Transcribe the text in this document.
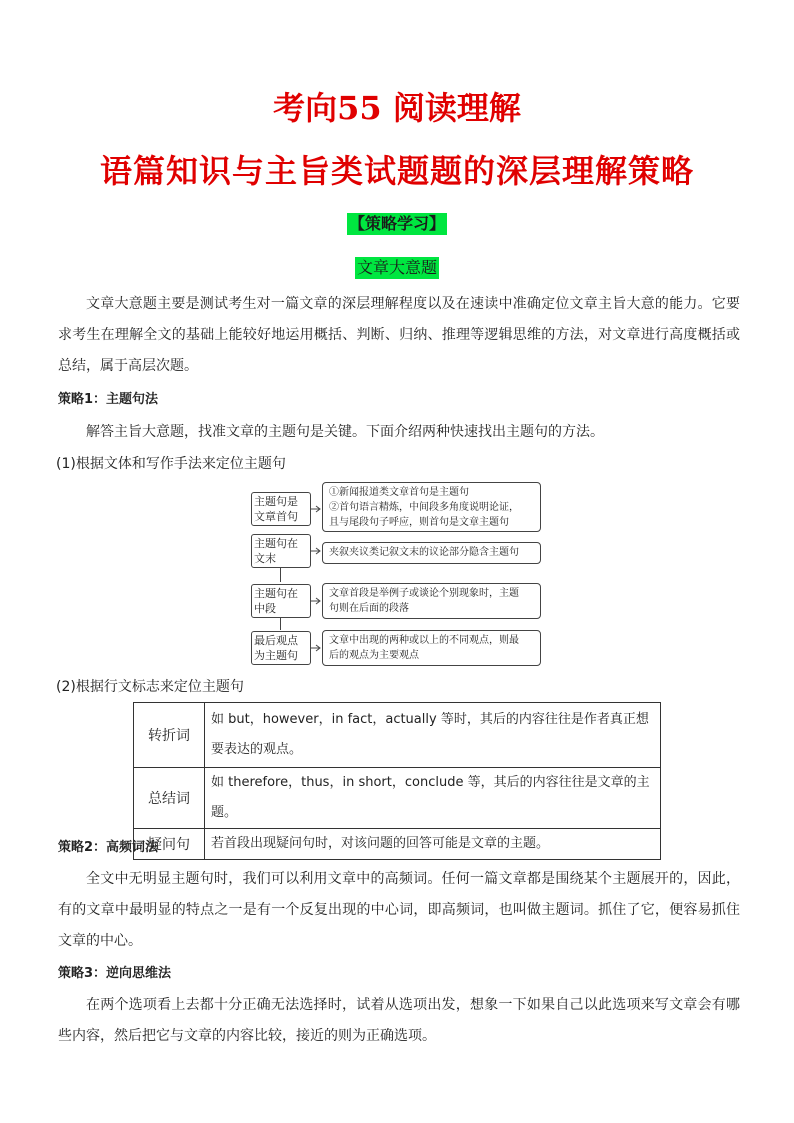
考向55 阅读理解
语篇知识与主旨类试题题的深层理解策略
【策略学习】
文章大意题

文章大意题主要是测试考生对一篇文章的深层理解程度以及在速读中准确定位文章主旨大意的能力。它要求考生在理解全文的基础上能较好地运用概括、判断、归纳、推理等逻辑思维的方法，对文章进行高度概括或总结，属于高层次题。

策略1：主题句法

解答主旨大意题，找准文章的主题句是关键。下面介绍两种快速找出主题句的方法。

(1)根据文体和写作手法来定位主题句

主题句是文章首句
①新闻报道类文章首句是主题句
②首句语言精炼，中间段多角度说明论证，
且与尾段句子呼应，则首句是文章主题句
主题句在文末	夹叙夹议类记叙文末的议论部分隐含主题句
主题句在中段
文章首段是举例子或谈论个别现象时，主题
句则在后面的段落
最后观点为主题句
文章中出现的两种或以上的不同观点，则最
后的观点为主要观点

(2)根据行文标志来定位主题句

转折词	如 but，however，in fact，actually 等时，其后的内容往往是作者真正想要表达的观点。
总结词	如 therefore，thus，in short，conclude 等，其后的内容往往是文章的主题。
疑问句	若首段出现疑问句时，对该问题的回答可能是文章的主题。

策略2：高频词法

全文中无明显主题句时，我们可以利用文章中的高频词。任何一篇文章都是围绕某个主题展开的，因此，有的文章中最明显的特点之一是有一个反复出现的中心词，即高频词，也叫做主题词。抓住了它，便容易抓住文章的中心。

策略3：逆向思维法

在两个选项看上去都十分正确无法选择时，试着从选项出发，想象一下如果自己以此选项来写文章会有哪些内容，然后把它与文章的内容比较，接近的则为正确选项。
